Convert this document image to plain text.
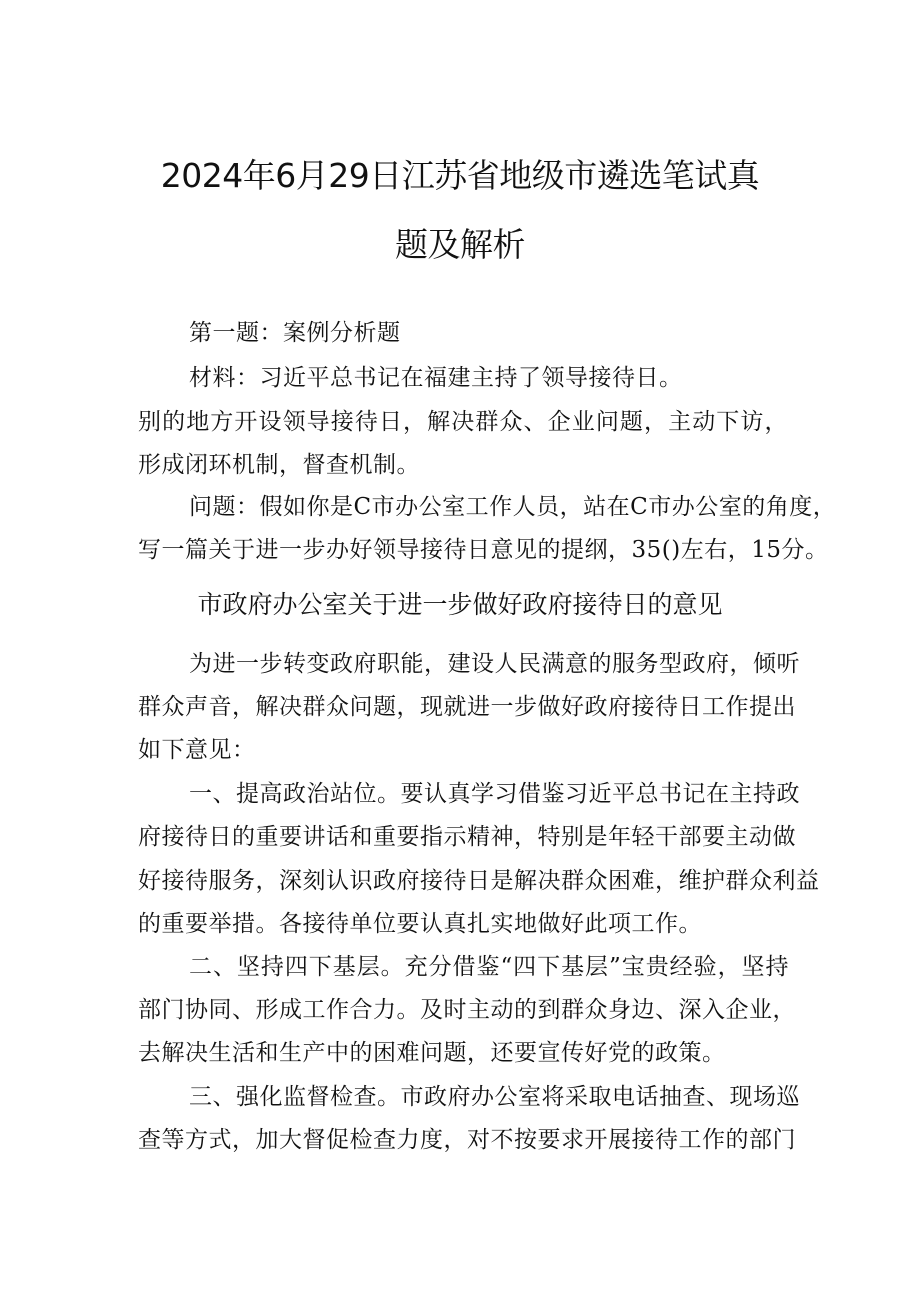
2024年6月29日江苏省地级市遴选笔试真
题及解析
第一题：案例分析题
材料：习近平总书记在福建主持了领导接待日。
别的地方开设领导接待日，解决群众、企业问题，主动下访，
形成闭环机制，督查机制。
问题：假如你是C市办公室工作人员，站在C市办公室的角度，
写一篇关于进一步办好领导接待日意见的提纲，35()左右，15分。
市政府办公室关于进一步做好政府接待日的意见
为进一步转变政府职能，建设人民满意的服务型政府，倾听
群众声音，解决群众问题，现就进一步做好政府接待日工作提出
如下意见：
一、提高政治站位。要认真学习借鉴习近平总书记在主持政
府接待日的重要讲话和重要指示精神，特别是年轻干部要主动做
好接待服务，深刻认识政府接待日是解决群众困难，维护群众利益
的重要举措。各接待单位要认真扎实地做好此项工作。
二、坚持四下基层。充分借鉴“四下基层”宝贵经验，坚持
部门协同、形成工作合力。及时主动的到群众身边、深入企业，
去解决生活和生产中的困难问题，还要宣传好党的政策。
三、强化监督检查。市政府办公室将采取电话抽查、现场巡
查等方式，加大督促检查力度，对不按要求开展接待工作的部门
